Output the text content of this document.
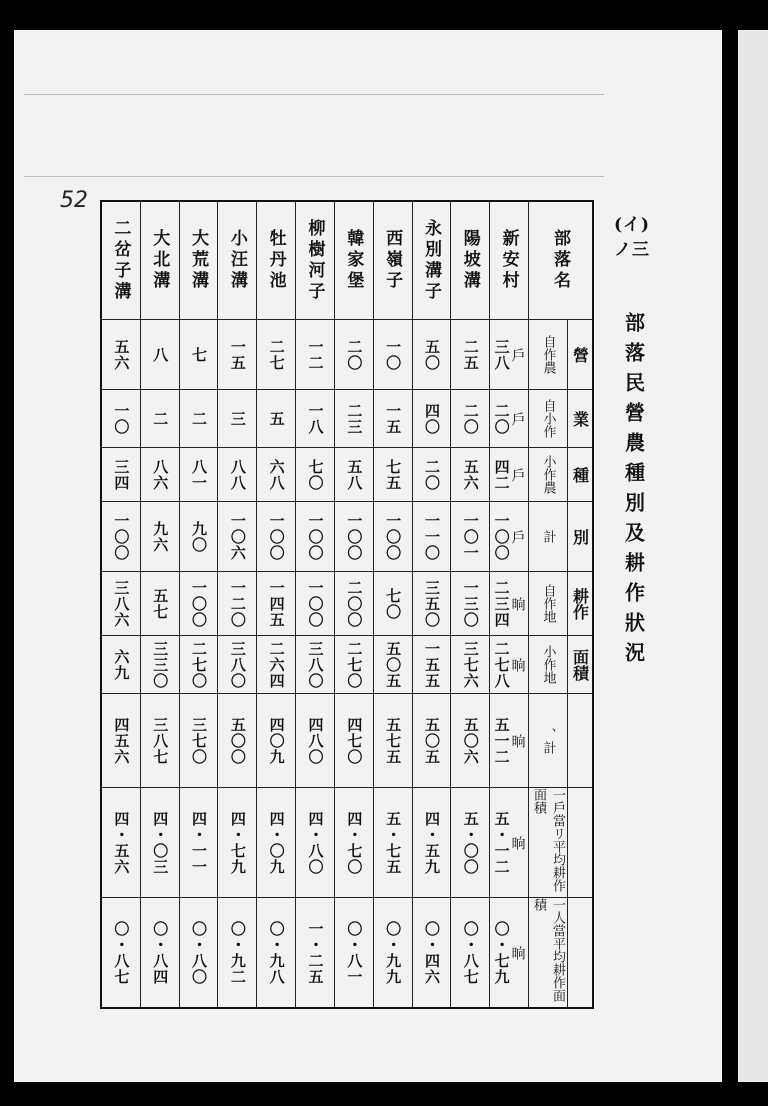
52
(イ)ノ三
部落民營農種別及耕作狀況
二岔子溝 大北溝 大荒溝 小汪溝 牡丹池 柳樹河子 韓家堡 西嶺子 永別溝子 陽坡溝 新安村 部落名
五六 八 七 一五 二七 一二 二〇 一〇 五〇 二五 三八 戶	自作農 營
一〇 二 二 三 五 一八 二三 一五 四〇 二〇 二〇 戶	自小作 業
三四 八六 八一 八八 六八 七〇 五八 七五 二〇 五六 四二 戶	小作農 種
一〇〇 九六 九〇 一〇六 一〇〇 一〇〇 一〇〇 一〇〇 一一〇 一〇一 一〇〇 戶	計 別
三八六 五七 一〇〇 一二〇 一四五 一〇〇 二〇〇 七〇 三五〇 一三〇 二三四 晌	自作地 耕作
六九 三三〇 二七〇 三八〇 二六四 三八〇 二七〇 五〇五 一五五 三七六 二七八 晌	小作地 面積
四五六 三八七 三七〇 五〇〇 四〇九 四八〇 四七〇 五七五 五〇五 五〇六 五一二 晌	、計
四・五六 四・〇三 四・一一 四・七九 四・〇九 四・八〇 四・七〇 五・七五 四・五九 五・〇〇 五・一二 晌	一戶當リ平均耕作面積
〇・八七 〇・八四 〇・八〇 〇・九二 〇・九八 一・二五 〇・八一 〇・九九 〇・四六 〇・八七 〇・七九 晌	一人當平均耕作面積
